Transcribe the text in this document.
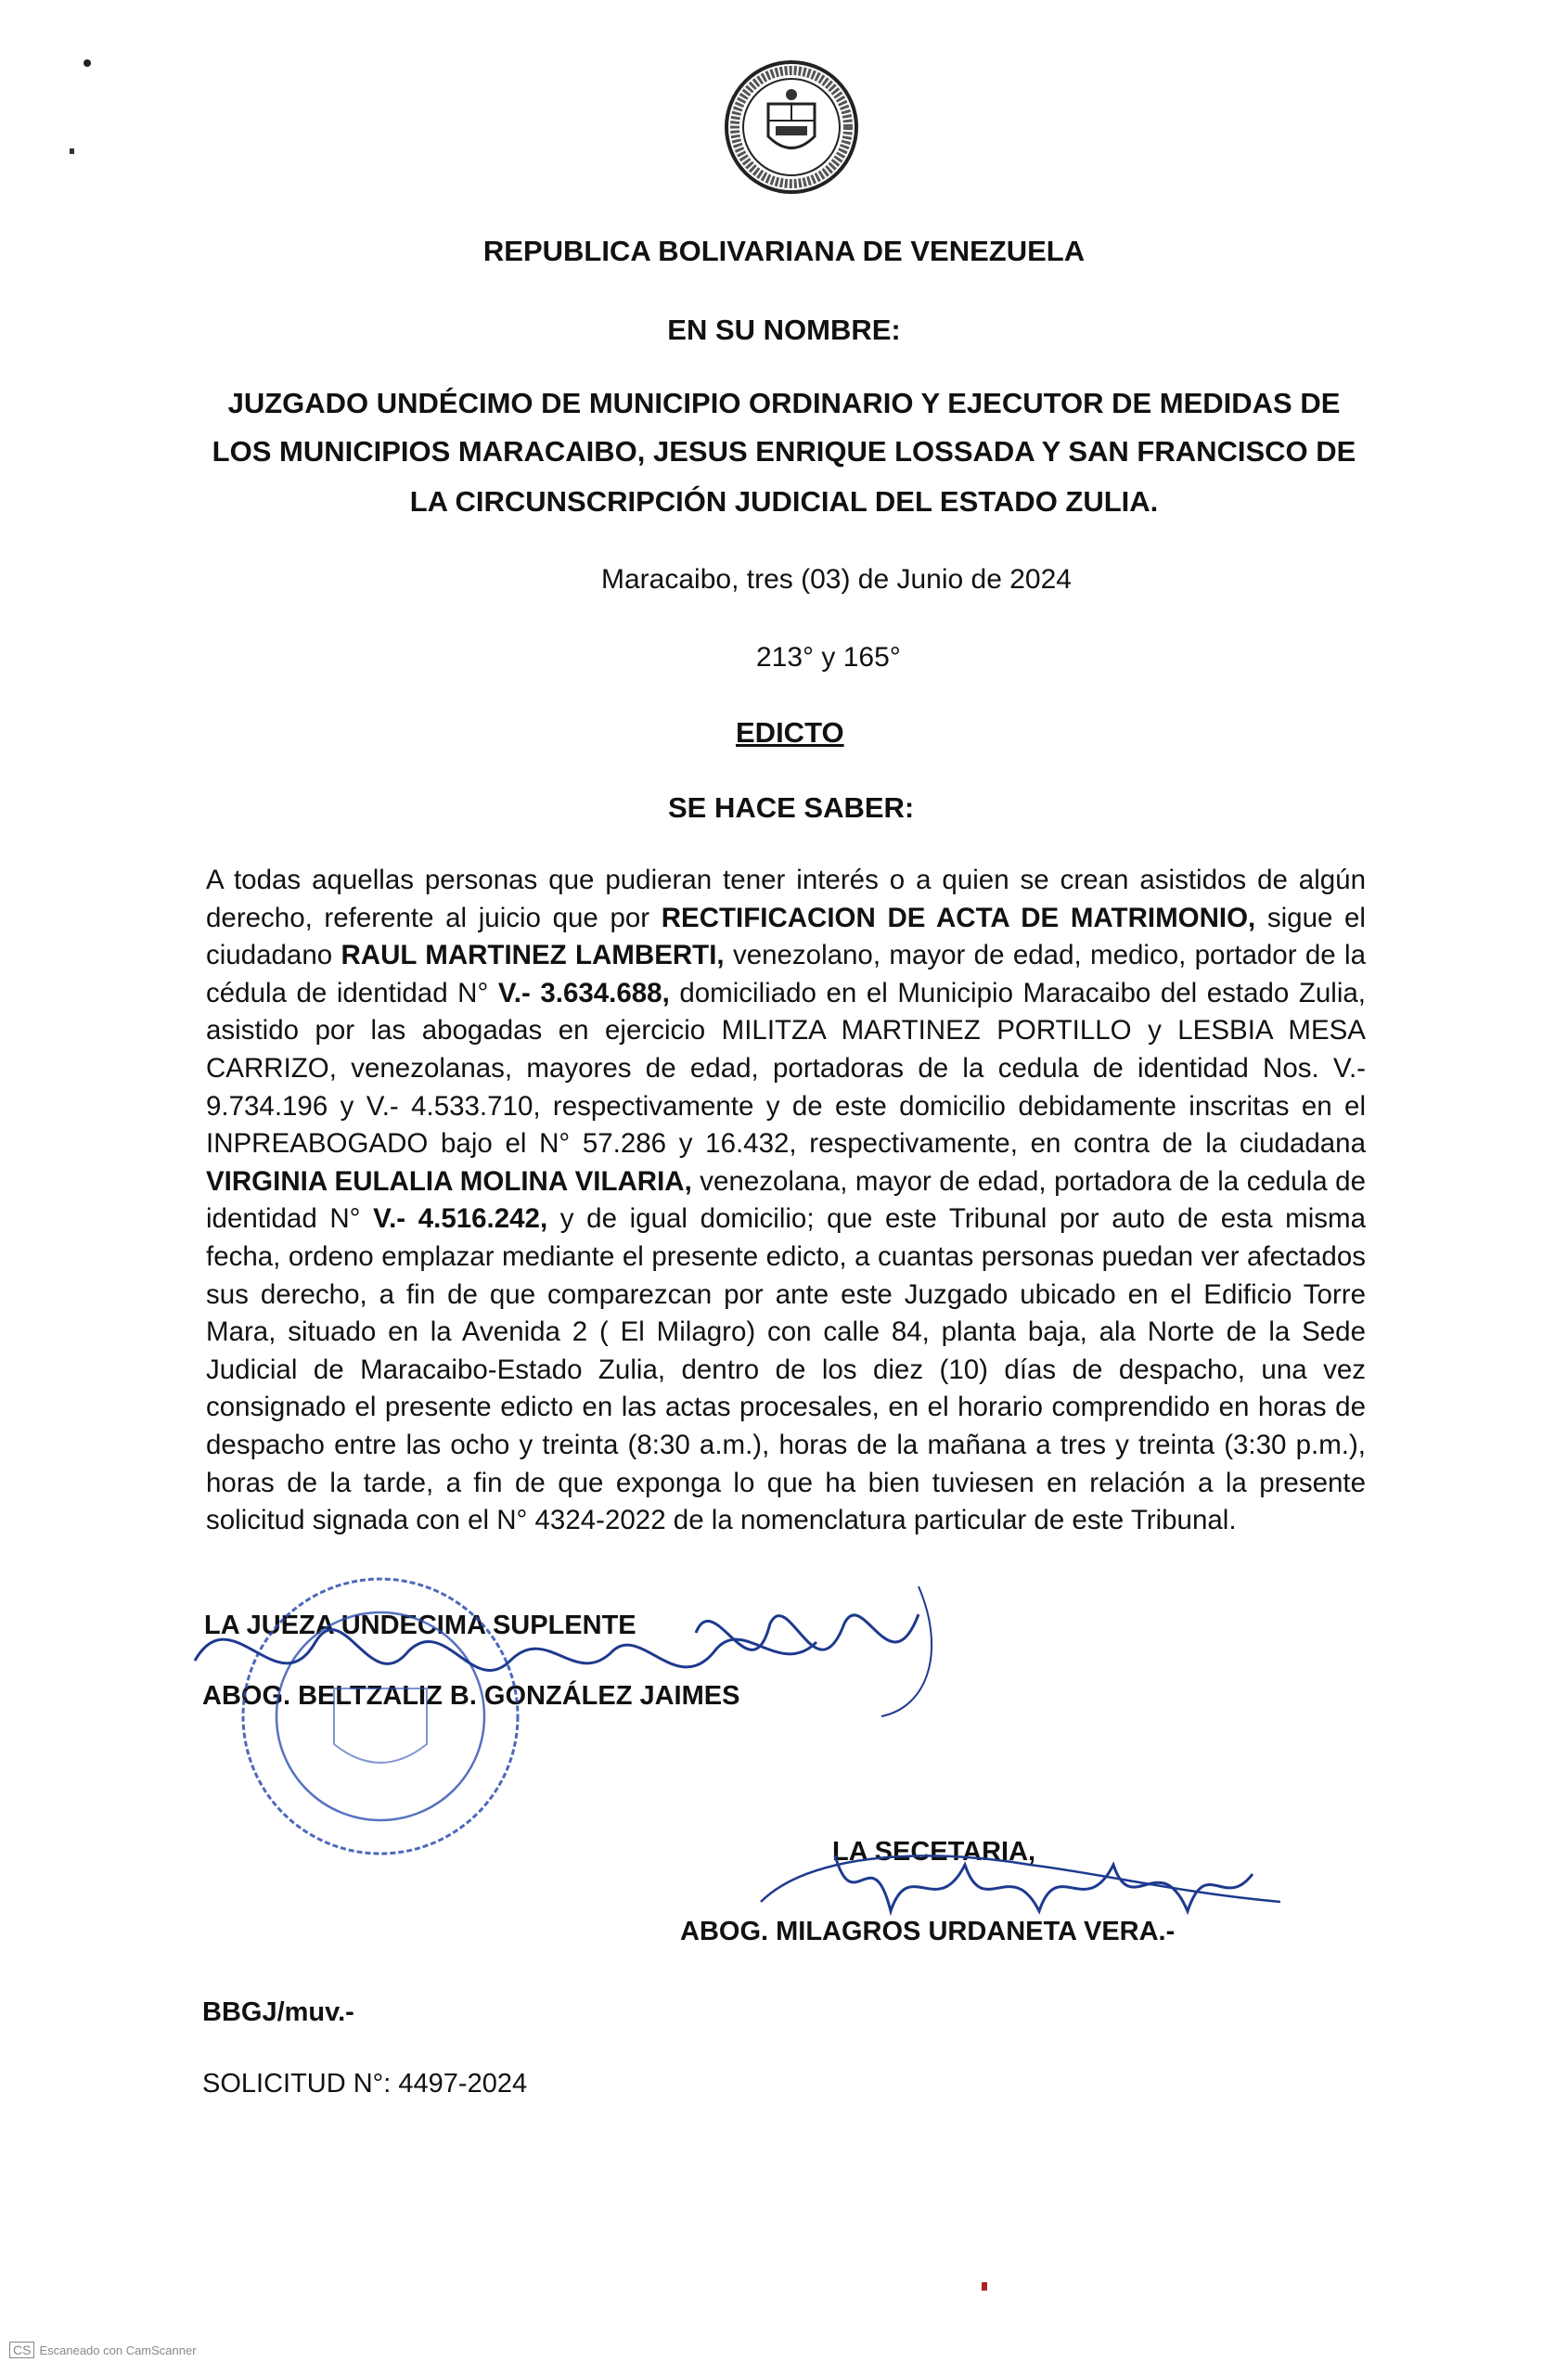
REPUBLICA BOLIVARIANA DE VENEZUELA
EN SU NOMBRE:
JUZGADO UNDÉCIMO DE MUNICIPIO ORDINARIO Y EJECUTOR DE MEDIDAS DE
LOS MUNICIPIOS MARACAIBO, JESUS ENRIQUE LOSSADA Y SAN FRANCISCO DE
LA CIRCUNSCRIPCIÓN JUDICIAL DEL ESTADO ZULIA.
Maracaibo, tres (03) de Junio de 2024
213° y 165°
EDICTO
SE HACE SABER:
A todas aquellas personas que pudieran tener interés o a quien se crean asistidos de algún derecho, referente al juicio que por RECTIFICACION DE ACTA DE MATRIMONIO, sigue el ciudadano RAUL MARTINEZ LAMBERTI, venezolano, mayor de edad, medico, portador de la cédula de identidad N° V.- 3.634.688, domiciliado en el Municipio Maracaibo del estado Zulia, asistido por las abogadas en ejercicio MILITZA MARTINEZ PORTILLO y LESBIA MESA CARRIZO, venezolanas, mayores de edad, portadoras de la cedula de identidad Nos. V.- 9.734.196 y V.- 4.533.710, respectivamente y de este domicilio debidamente inscritas en el INPREABOGADO bajo el N° 57.286 y 16.432, respectivamente, en contra de la ciudadana VIRGINIA EULALIA MOLINA VILARIA, venezolana, mayor de edad, portadora de la cedula de identidad N° V.- 4.516.242, y de igual domicilio; que este Tribunal por auto de esta misma fecha, ordeno emplazar mediante el presente edicto, a cuantas personas puedan ver afectados sus derecho, a fin de que comparezcan por ante este Juzgado ubicado en el Edificio Torre Mara, situado en la Avenida 2 ( El Milagro) con calle 84, planta baja, ala Norte de la Sede Judicial de Maracaibo-Estado Zulia, dentro de los diez (10) días de despacho, una vez consignado el presente edicto en las actas procesales, en el horario comprendido en horas de despacho entre las ocho y treinta (8:30 a.m.), horas de la mañana a tres y treinta (3:30 p.m.), horas de la tarde, a fin de que exponga lo que ha bien tuviesen en relación a la presente solicitud signada con el N° 4324-2022 de la nomenclatura particular de este Tribunal.
LA JUEZA UNDECIMA SUPLENTE
ABOG. BELTZALIZ B. GONZÁLEZ JAIMES
LA SECETARIA,
ABOG. MILAGROS URDANETA VERA.-
BBGJ/muv.-
SOLICITUD N°: 4497-2024
CS Escaneado con CamScanner
